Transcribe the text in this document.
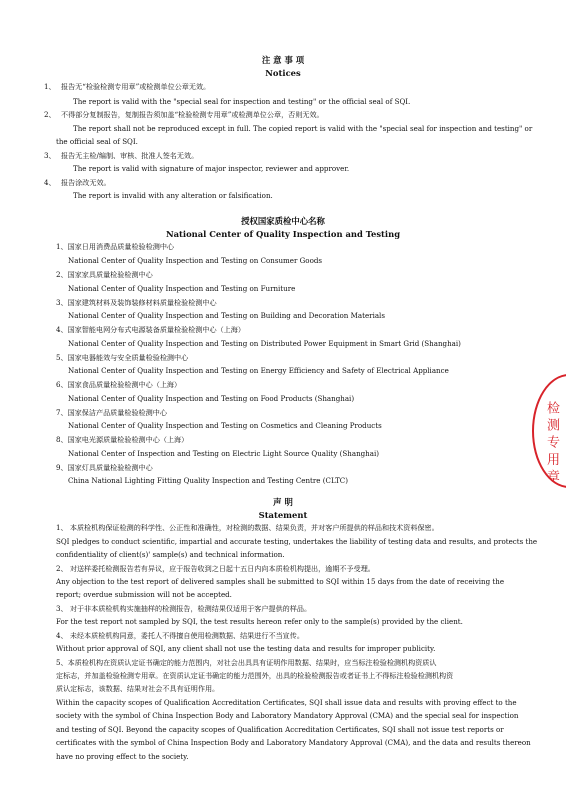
注 意 事 项
Notices
1、 报告无“检验检测专用章”或检测单位公章无效。
The report is valid with the "special seal for inspection and testing" or the official seal of SQI.
2、 不得部分复制报告，复制报告须加盖“检验检测专用章”或检测单位公章，否则无效。
The report shall not be reproduced except in full. The copied report is valid with the "special seal for inspection and testing" or
the official seal of SQI.
3、 报告无主检/编制、审核、批准人签名无效。
The report is valid with signature of major inspector, reviewer and approver.
4、 报告涂改无效。
The report is invalid with any alteration or falsification.
授权国家质检中心名称
National Center of Quality Inspection and Testing
1、国家日用消费品质量检验检测中心
National Center of Quality Inspection and Testing on Consumer Goods
2、国家家具质量检验检测中心
National Center of Quality Inspection and Testing on Furniture
3、国家建筑材料及装饰装修材料质量检验检测中心
National Center of Quality Inspection and Testing on Building and Decoration Materials
4、国家智能电网分布式电源装备质量检验检测中心（上海）
National Center of Quality Inspection and Testing on Distributed Power Equipment in Smart Grid (Shanghai)
5、国家电器能效与安全质量检验检测中心
National Center of Quality Inspection and Testing on Energy Efficiency and Safety of Electrical Appliance
6、国家食品质量检验检测中心（上海）
National Center of Quality Inspection and Testing on Food Products (Shanghai)
7、国家保洁产品质量检验检测中心
National Center of Quality Inspection and Testing on Cosmetics and Cleaning Products
8、国家电光源质量检验检测中心（上海）
National Center of Inspection and Testing on Electric Light Source Quality (Shanghai)
9、国家灯具质量检验检测中心
China National Lighting Fitting Quality Inspection and Testing Centre (CLTC)
声 明
Statement
1、 本质检机构保证检测的科学性、公正性和准确性，对检测的数据、结果负责，并对客户所提供的样品和技术资料保密。
SQI pledges to conduct scientific, impartial and accurate testing, undertakes the liability of testing data and results, and protects the
confidentiality of client(s)' sample(s) and technical information.
2、 对送样委托检测报告若有异议，应于报告收到之日起十五日内向本质检机构提出，逾期不予受理。
Any objection to the test report of delivered samples shall be submitted to SQI within 15 days from the date of receiving the
report; overdue submission will not be accepted.
3、 对于非本质检机构实施抽样的检测报告，检测结果仅适用于客户提供的样品。
For the test report not sampled by SQI, the test results hereon refer only to the sample(s) provided by the client.
4、 未经本质检机构同意，委托人不得擅自使用检测数据、结果进行不当宣传。
Without prior approval of SQI, any client shall not use the testing data and results for improper publicity.
5、本质检机构在资质认定证书确定的能力范围内，对社会出具具有证明作用数据、结果时，应当标注检验检测机构资质认
定标志，并加盖检验检测专用章。在资质认定证书确定的能力范围外，出具的检验检测报告或者证书上不得标注检验检测机构资
质认定标志，该数据、结果对社会不具有证明作用。
Within the capacity scopes of Qualification Accreditation Certificates, SQI shall issue data and results with proving effect to the
society with the symbol of China Inspection Body and Laboratory Mandatory Approval (CMA) and the special seal for inspection
and testing of SQI. Beyond the capacity scopes of Qualification Accreditation Certificates, SQI shall not issue test reports or
certificates with the symbol of China Inspection Body and Laboratory Mandatory Approval (CMA), and the data and results thereon
have no proving effect to the society.
检 测 专 用 章
